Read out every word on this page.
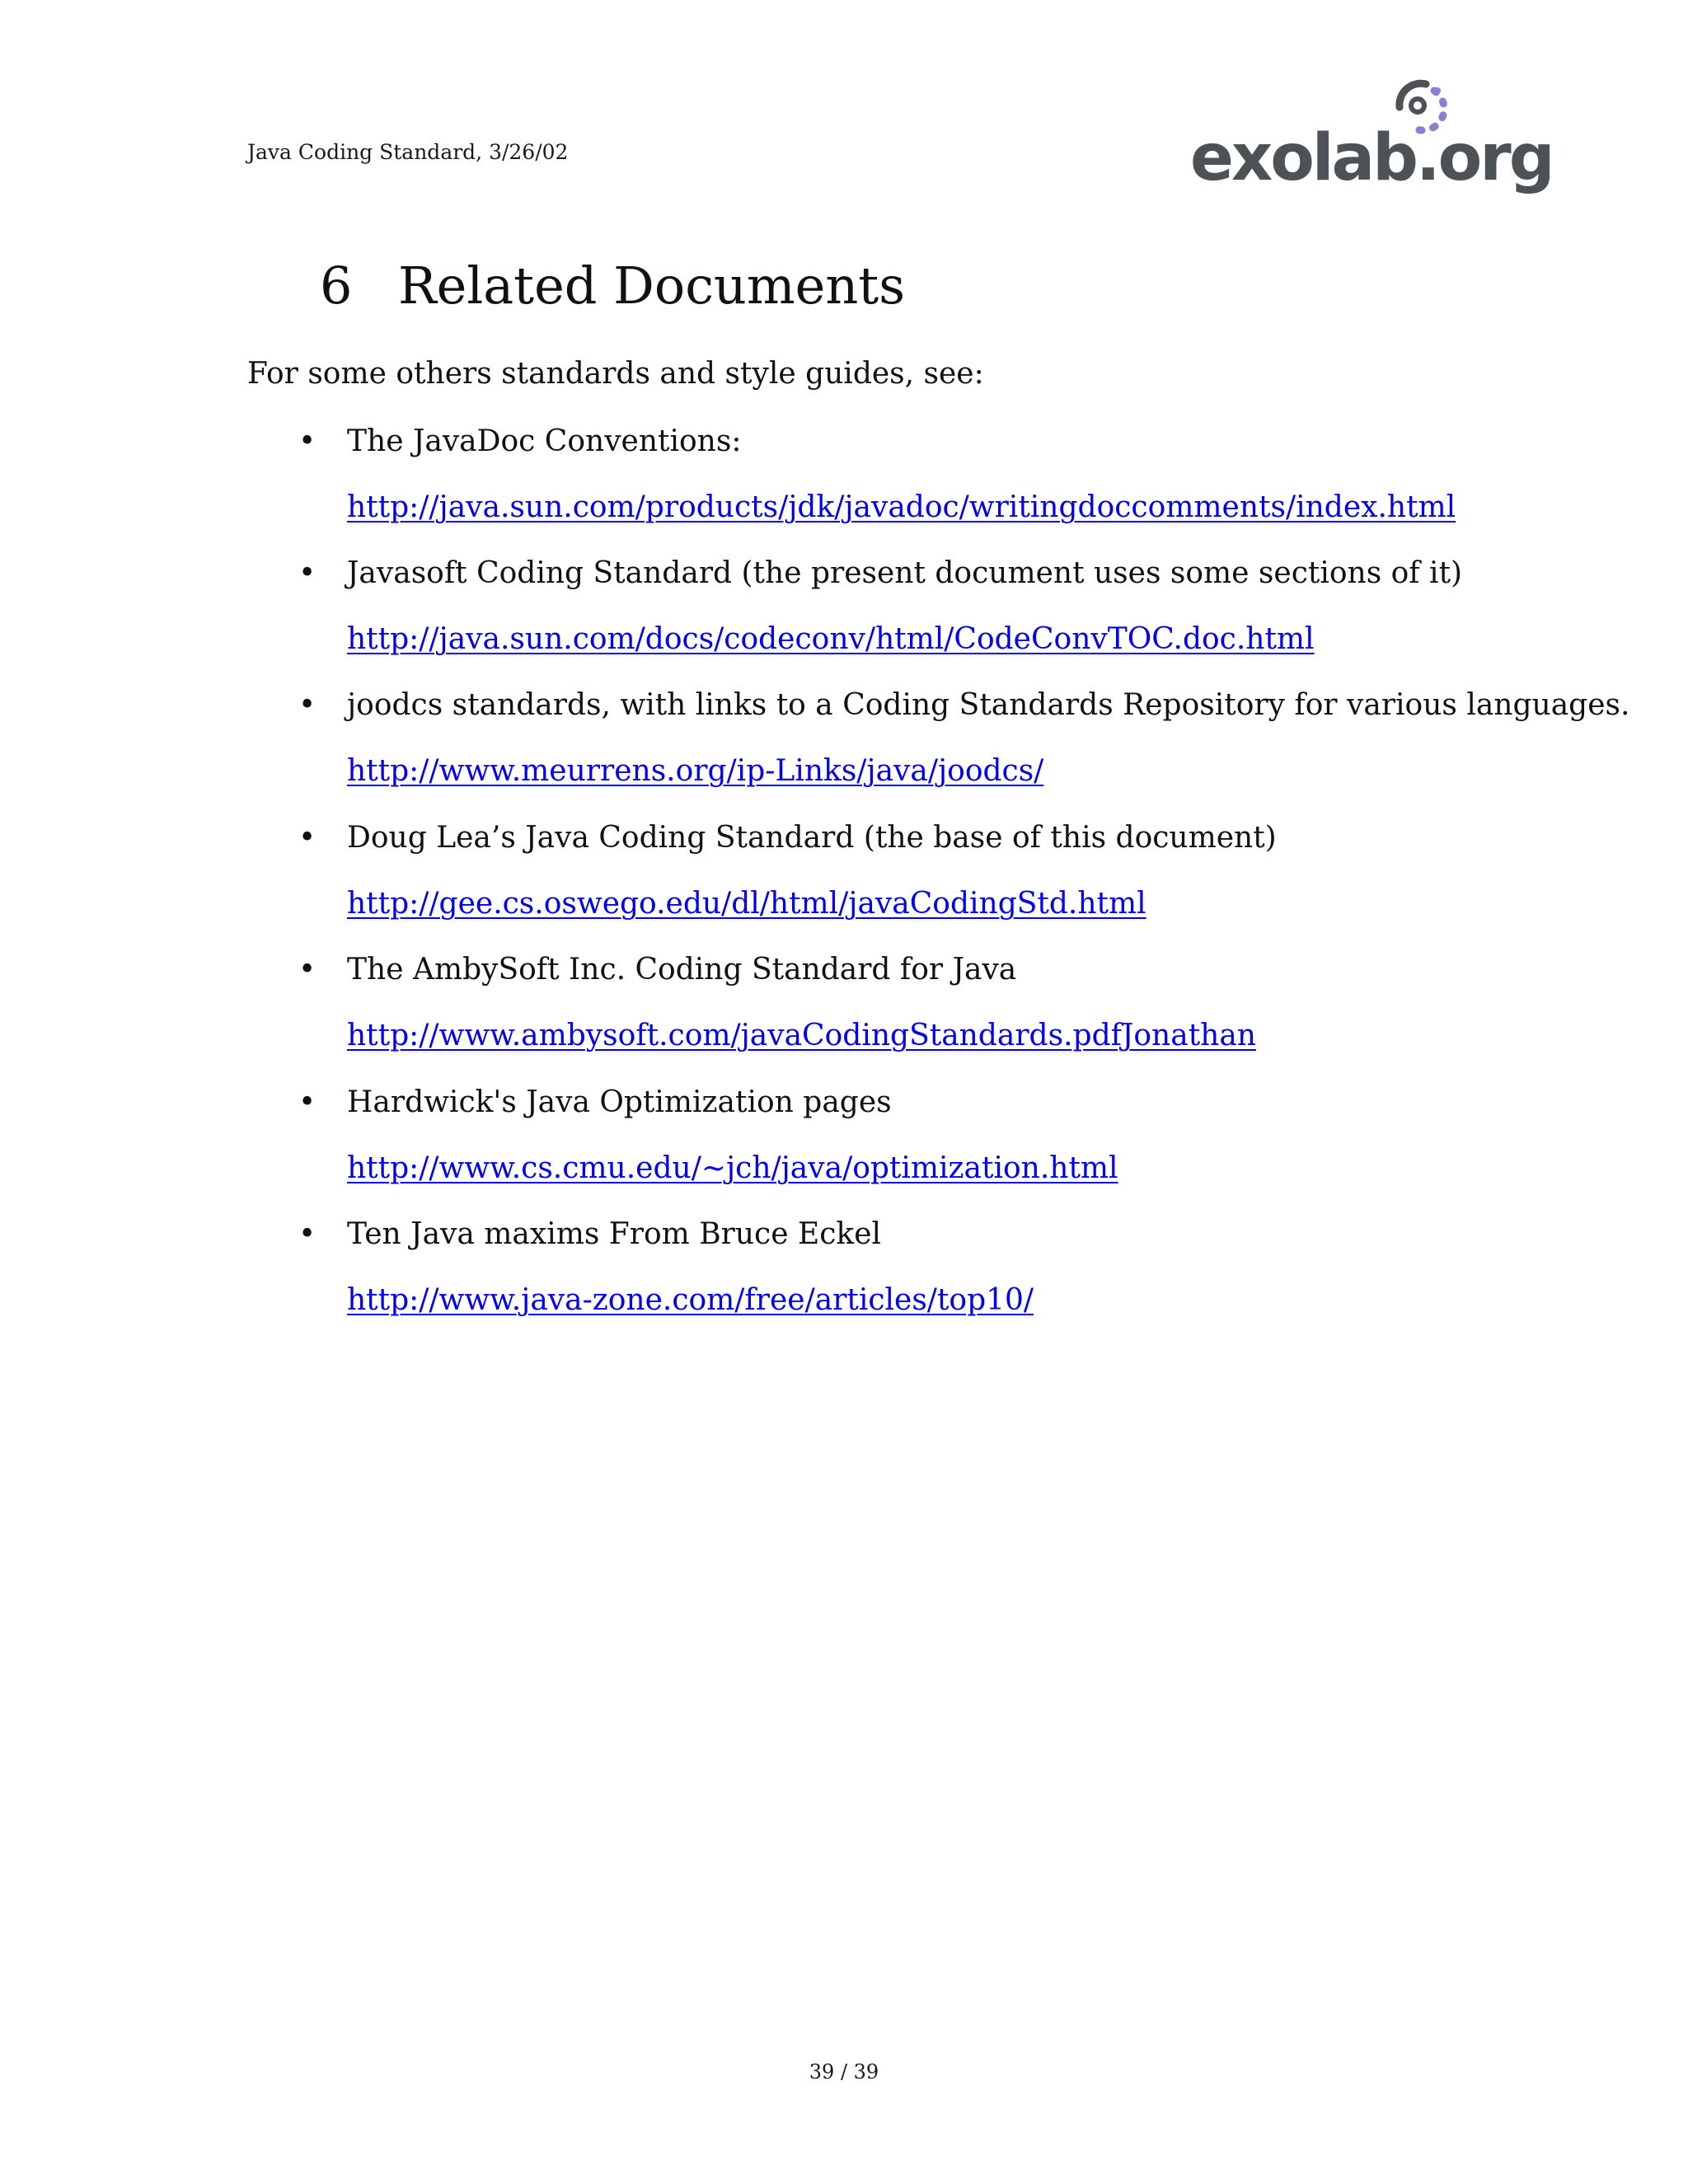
Java Coding Standard, 3/26/02	exolab.org
6 Related Documents
For some others standards and style guides, see:
• The JavaDoc Conventions:
http://java.sun.com/products/jdk/javadoc/writingdoccomments/index.html
• Javasoft Coding Standard (the present document uses some sections of it)
http://java.sun.com/docs/codeconv/html/CodeConvTOC.doc.html
• joodcs standards, with links to a Coding Standards Repository for various languages.
http://www.meurrens.org/ip-Links/java/joodcs/
• Doug Lea’s Java Coding Standard (the base of this document)
http://gee.cs.oswego.edu/dl/html/javaCodingStd.html
• The AmbySoft Inc. Coding Standard for Java
http://www.ambysoft.com/javaCodingStandards.pdfJonathan
• Hardwick's Java Optimization pages
http://www.cs.cmu.edu/~jch/java/optimization.html
• Ten Java maxims From Bruce Eckel
http://www.java-zone.com/free/articles/top10/
39 / 39
